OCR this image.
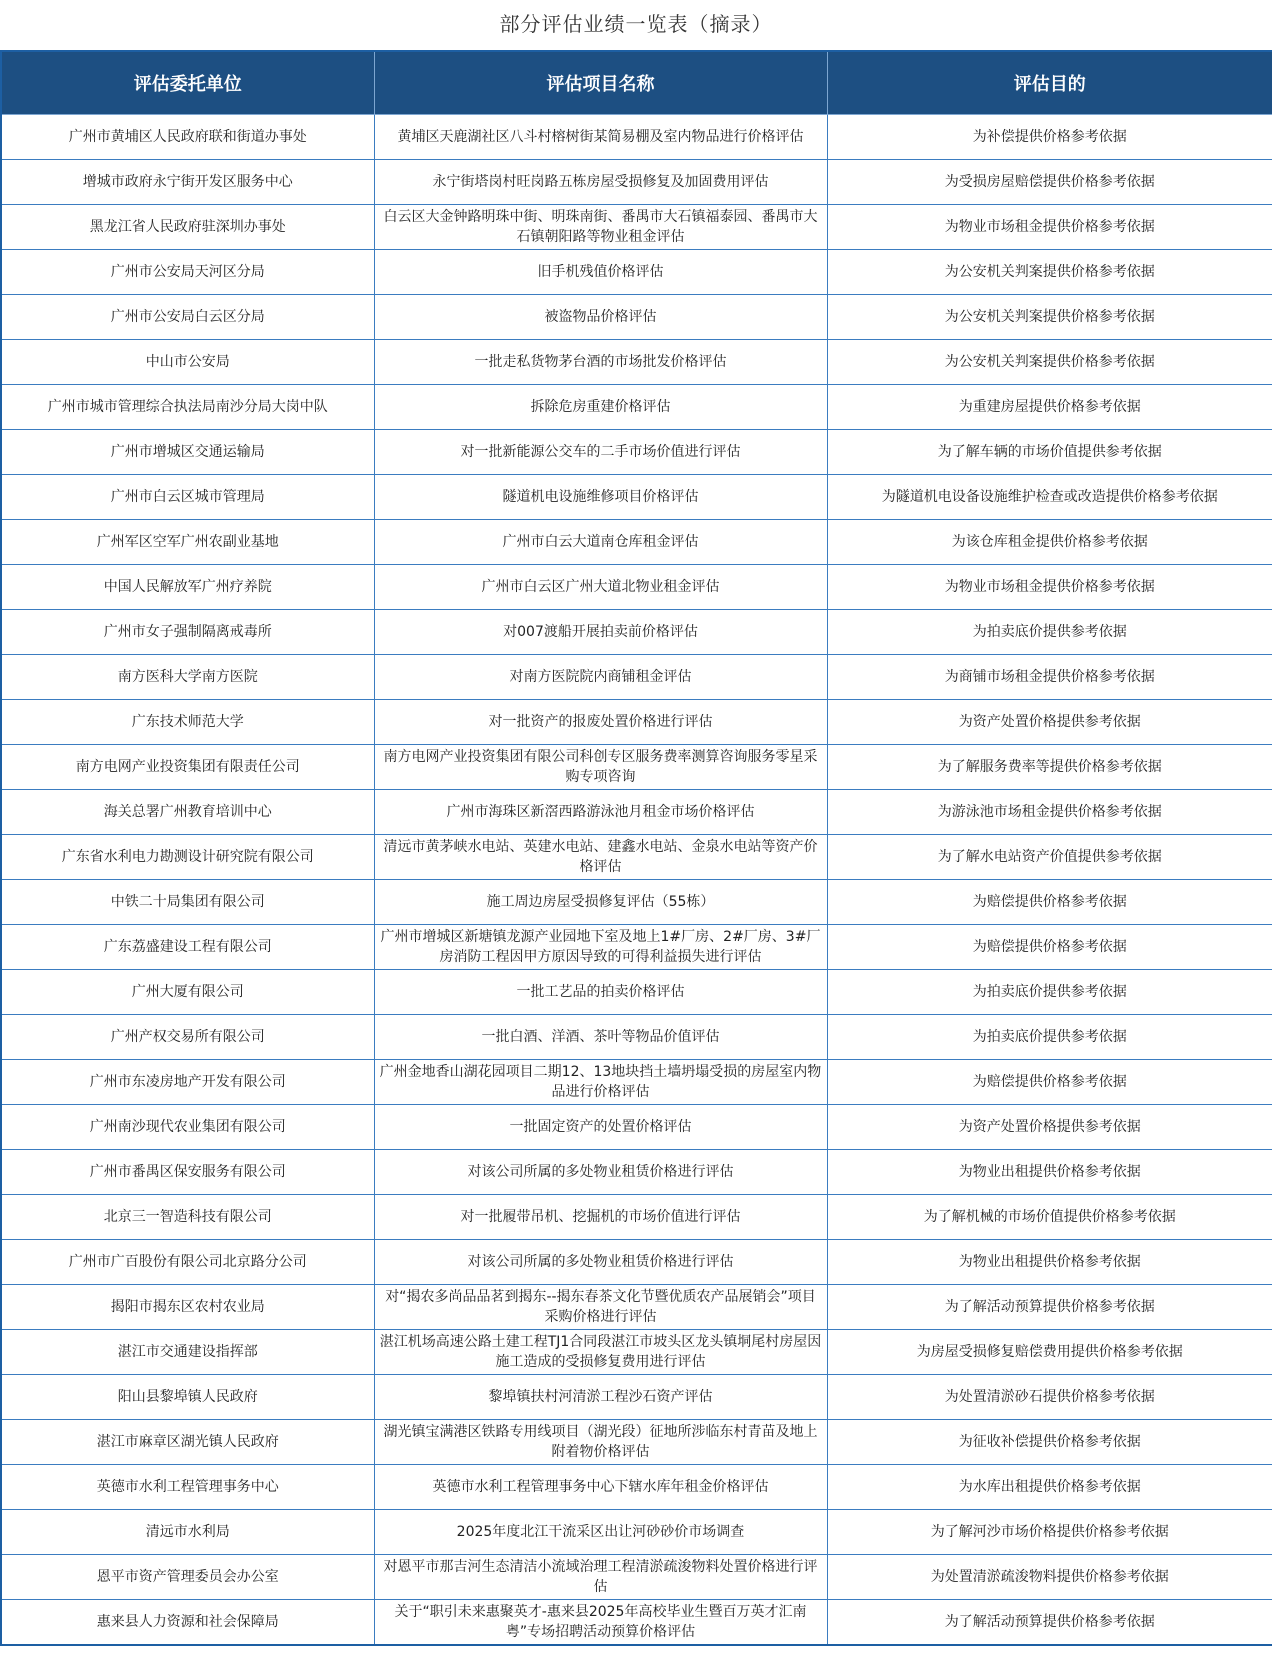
部分评估业绩一览表（摘录）
评估委托单位	评估项目名称	评估目的
广州市黄埔区人民政府联和街道办事处	黄埔区天鹿湖社区八斗村榕树街某简易棚及室内物品进行价格评估	为补偿提供价格参考依据
增城市政府永宁街开发区服务中心	永宁街塔岗村旺岗路五栋房屋受损修复及加固费用评估	为受损房屋赔偿提供价格参考依据
黑龙江省人民政府驻深圳办事处	白云区大金钟路明珠中街、明珠南街、番禺市大石镇福泰园、番禺市大石镇朝阳路等物业租金评估	为物业市场租金提供价格参考依据
广州市公安局天河区分局	旧手机残值价格评估	为公安机关判案提供价格参考依据
广州市公安局白云区分局	被盗物品价格评估	为公安机关判案提供价格参考依据
中山市公安局	一批走私货物茅台酒的市场批发价格评估	为公安机关判案提供价格参考依据
广州市城市管理综合执法局南沙分局大岗中队	拆除危房重建价格评估	为重建房屋提供价格参考依据
广州市增城区交通运输局	对一批新能源公交车的二手市场价值进行评估	为了解车辆的市场价值提供参考依据
广州市白云区城市管理局	隧道机电设施维修项目价格评估	为隧道机电设备设施维护检查或改造提供价格参考依据
广州军区空军广州农副业基地	广州市白云大道南仓库租金评估	为该仓库租金提供价格参考依据
中国人民解放军广州疗养院	广州市白云区广州大道北物业租金评估	为物业市场租金提供价格参考依据
广州市女子强制隔离戒毒所	对007渡船开展拍卖前价格评估	为拍卖底价提供参考依据
南方医科大学南方医院	对南方医院院内商铺租金评估	为商铺市场租金提供价格参考依据
广东技术师范大学	对一批资产的报废处置价格进行评估	为资产处置价格提供参考依据
南方电网产业投资集团有限责任公司	南方电网产业投资集团有限公司科创专区服务费率测算咨询服务零星采购专项咨询	为了解服务费率等提供价格参考依据
海关总署广州教育培训中心	广州市海珠区新滘西路游泳池月租金市场价格评估	为游泳池市场租金提供价格参考依据
广东省水利电力勘测设计研究院有限公司	清远市黄茅峡水电站、英建水电站、建鑫水电站、金泉水电站等资产价格评估	为了解水电站资产价值提供参考依据
中铁二十局集团有限公司	施工周边房屋受损修复评估（55栋）	为赔偿提供价格参考依据
广东荔盛建设工程有限公司	广州市增城区新塘镇龙源产业园地下室及地上1#厂房、2#厂房、3#厂房消防工程因甲方原因导致的可得利益损失进行评估	为赔偿提供价格参考依据
广州大厦有限公司	一批工艺品的拍卖价格评估	为拍卖底价提供参考依据
广州产权交易所有限公司	一批白酒、洋酒、茶叶等物品价值评估	为拍卖底价提供参考依据
广州市东凌房地产开发有限公司	广州金地香山湖花园项目二期12、13地块挡土墙坍塌受损的房屋室内物品进行价格评估	为赔偿提供价格参考依据
广州南沙现代农业集团有限公司	一批固定资产的处置价格评估	为资产处置价格提供参考依据
广州市番禺区保安服务有限公司	对该公司所属的多处物业租赁价格进行评估	为物业出租提供价格参考依据
北京三一智造科技有限公司	对一批履带吊机、挖掘机的市场价值进行评估	为了解机械的市场价值提供价格参考依据
广州市广百股份有限公司北京路分公司	对该公司所属的多处物业租赁价格进行评估	为物业出租提供价格参考依据
揭阳市揭东区农村农业局	对“揭农多尚品品茗到揭东--揭东春茶文化节暨优质农产品展销会”项目采购价格进行评估	为了解活动预算提供价格参考依据
湛江市交通建设指挥部	湛江机场高速公路土建工程TJ1合同段湛江市坡头区龙头镇垌尾村房屋因施工造成的受损修复费用进行评估	为房屋受损修复赔偿费用提供价格参考依据
阳山县黎埠镇人民政府	黎埠镇扶村河清淤工程沙石资产评估	为处置清淤砂石提供价格参考依据
湛江市麻章区湖光镇人民政府	湖光镇宝满港区铁路专用线项目（湖光段）征地所涉临东村青苗及地上附着物价格评估	为征收补偿提供价格参考依据
英德市水利工程管理事务中心	英德市水利工程管理事务中心下辖水库年租金价格评估	为水库出租提供价格参考依据
清远市水利局	2025年度北江干流采区出让河砂砂价市场调查	为了解河沙市场价格提供价格参考依据
恩平市资产管理委员会办公室	对恩平市那吉河生态清洁小流域治理工程清淤疏浚物料处置价格进行评估	为处置清淤疏浚物料提供价格参考依据
惠来县人力资源和社会保障局	关于“职引未来惠聚英才-惠来县2025年高校毕业生暨百万英才汇南粤”专场招聘活动预算价格评估	为了解活动预算提供价格参考依据
